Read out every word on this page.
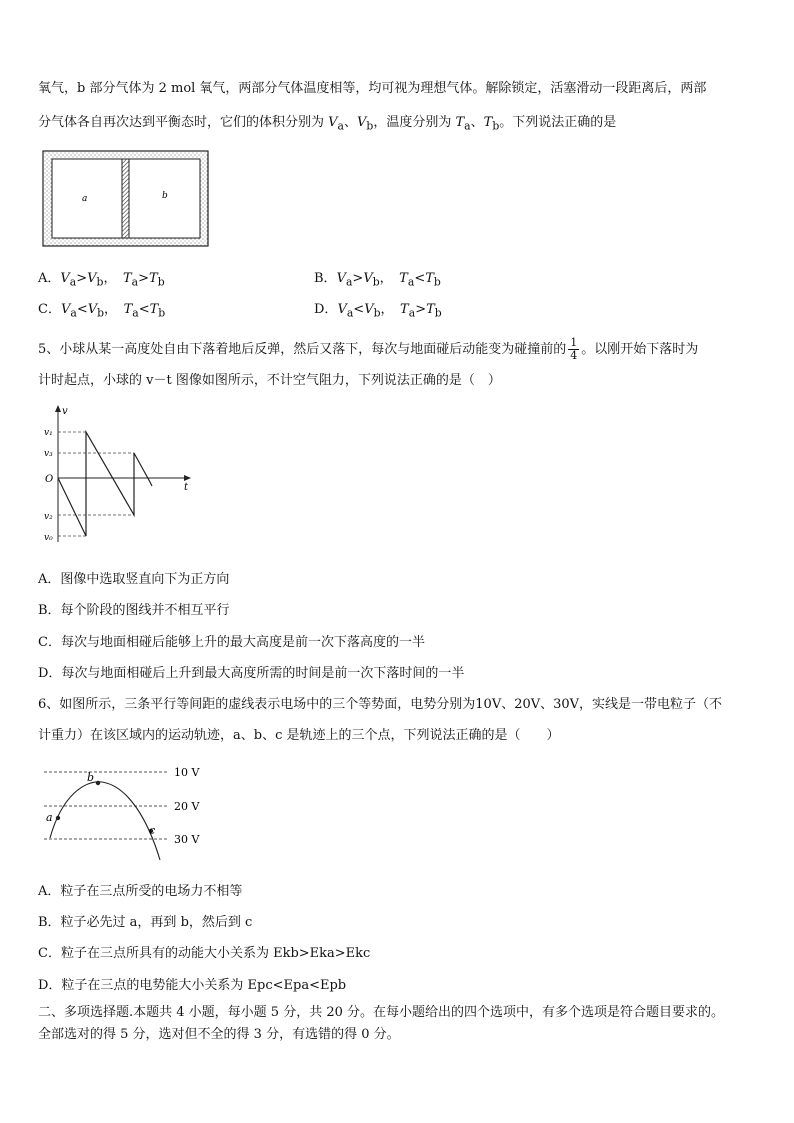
氧气，b 部分气体为 2 mol 氧气，两部分气体温度相等，均可视为理想气体。解除锁定，活塞滑动一段距离后，两部
分气体各自再次达到平衡态时，它们的体积分别为 $V_a$、$V_b$，温度分别为 $T_a$、$T_b$。下列说法正确的是
a	b
A．$V_a>V_b$，　$T_a>T_b$	B．$V_a>V_b$，　$T_a<T_b$
C．$V_a<V_b$，　$T_a<T_b$	D．$V_a<V_b$，　$T_a>T_b$
5、小球从某一高度处自由下落着地后反弹，然后又落下，每次与地面碰后动能变为碰撞前的 $\frac{1}{4}$ 。以刚开始下落时为
计时起点，小球的 v－t 图像如图所示，不计空气阻力，下列说法正确的是（　）
v
t
O
v₁
v₃
v₂
v₀
A．图像中选取竖直向下为正方向
B．每个阶段的图线并不相互平行
C．每次与地面相碰后能够上升的最大高度是前一次下落高度的一半
D．每次与地面相碰后上升到最大高度所需的时间是前一次下落时间的一半
6、如图所示，三条平行等间距的虚线表示电场中的三个等势面，电势分别为10V、20V、30V，实线是一带电粒子（不
计重力）在该区域内的运动轨迹，a、b、c 是轨迹上的三个点，下列说法正确的是（　　）
10 V
20 V
30 V
a
b
c
A．粒子在三点所受的电场力不相等
B．粒子必先过 a，再到 b，然后到 c
C．粒子在三点所具有的动能大小关系为 Ekb>Eka>Ekc
D．粒子在三点的电势能大小关系为 Epc<Epa<Epb
二、多项选择题.本题共 4 小题，每小题 5 分，共 20 分。在每小题给出的四个选项中，有多个选项是符合题目要求的。
全部选对的得 5 分，选对但不全的得 3 分，有选错的得 0 分。
